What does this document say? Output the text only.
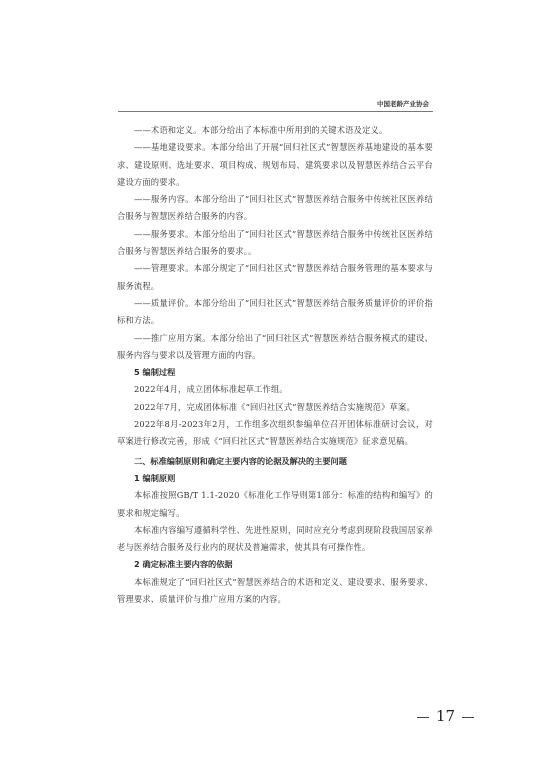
中国老龄产业协会

——术语和定义。本部分给出了本标准中所用到的关键术语及定义。

——基地建设要求。本部分给出了开展“回归社区式”智慧医养基地建设的基本要求、建设原则、选址要求、项目构成、规划布局、建筑要求以及智慧医养结合云平台建设方面的要求。

——服务内容。本部分给出了“回归社区式”智慧医养结合服务中传统社区医养结合服务与智慧医养结合服务的内容。

——服务要求。本部分给出了“回归社区式”智慧医养结合服务中传统社区医养结合服务与智慧医养结合服务的要求。。

——管理要求。本部分规定了“回归社区式”智慧医养结合服务管理的基本要求与服务流程。

——质量评价。本部分给出了“回归社区式”智慧医养结合服务质量评价的评价指标和方法。

——推广应用方案。本部分给出了“回归社区式”智慧医养结合服务模式的建设、服务内容与要求以及管理方面的内容。

5 编制过程

2022年4月，成立团体标准起草工作组。

2022年7月，完成团体标准《“回归社区式”智慧医养结合实施规范》草案。

2022年8月-2023年2月，工作组多次组织参编单位召开团体标准研讨会议，对草案进行修改完善，形成《“回归社区式”智慧医养结合实施规范》征求意见稿。

二、标准编制原则和确定主要内容的论据及解决的主要问题

1 编制原则

本标准按照GB/T 1.1-2020《标准化工作导则第1部分：标准的结构和编写》的要求和规定编写。

本标准内容编写遵循科学性、先进性原则，同时应充分考虑到现阶段我国居家养老与医养结合服务及行业内的现状及普遍需求，使其具有可操作性。

2 确定标准主要内容的依据

本标准规定了“回归社区式”智慧医养结合的术语和定义、建设要求、服务要求、管理要求、质量评价与推广应用方案的内容。

17
